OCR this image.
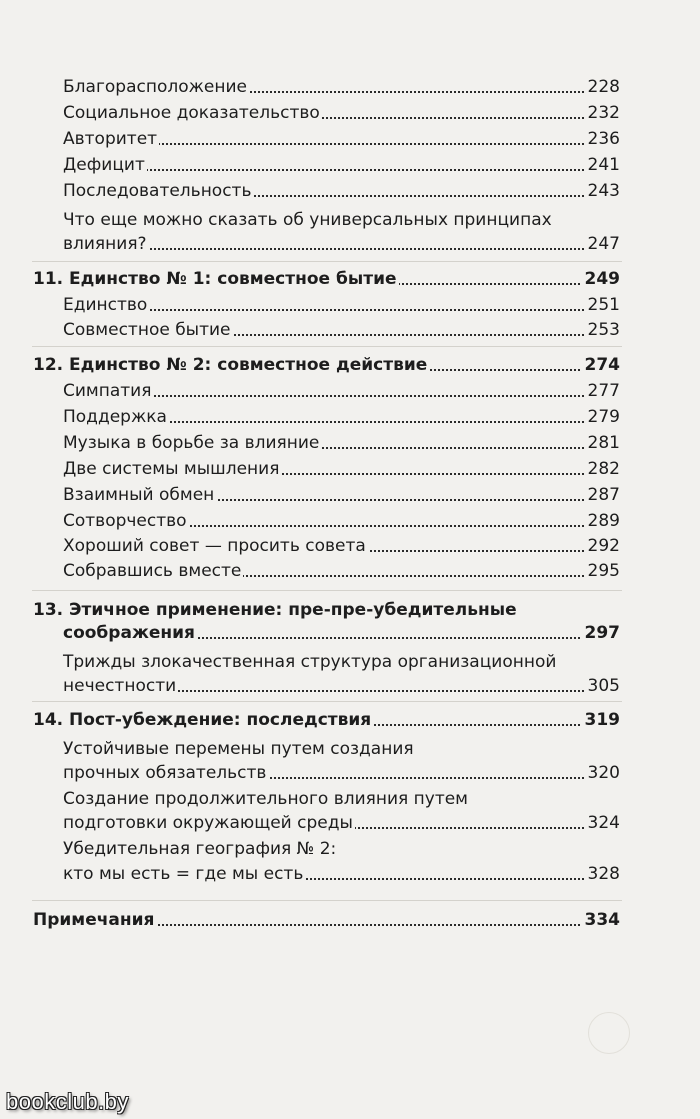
Благорасположение	228
Социальное доказательство	232
Авторитет	236
Дефицит	241
Последовательность	243
Что еще можно сказать об универсальных принципах
влияния?	247
11. Единство № 1: совместное бытие	249
Единство	251
Совместное бытие	253
12. Единство № 2: совместное действие	274
Симпатия	277
Поддержка	279
Музыка в борьбе за влияние	281
Две системы мышления	282
Взаимный обмен	287
Сотворчество	289
Хороший совет — просить совета	292
Собравшись вместе	295
13. Этичное применение: пре-пре-убедительные
соображения	297
Трижды злокачественная структура организационной
нечестности	305
14. Пост-убеждение: последствия	319
Устойчивые перемены путем создания
прочных обязательств	320
Создание продолжительного влияния путем
подготовки окружающей среды	324
Убедительная география № 2:
кто мы есть = где мы есть	328
Примечания	334
bookclub.by
